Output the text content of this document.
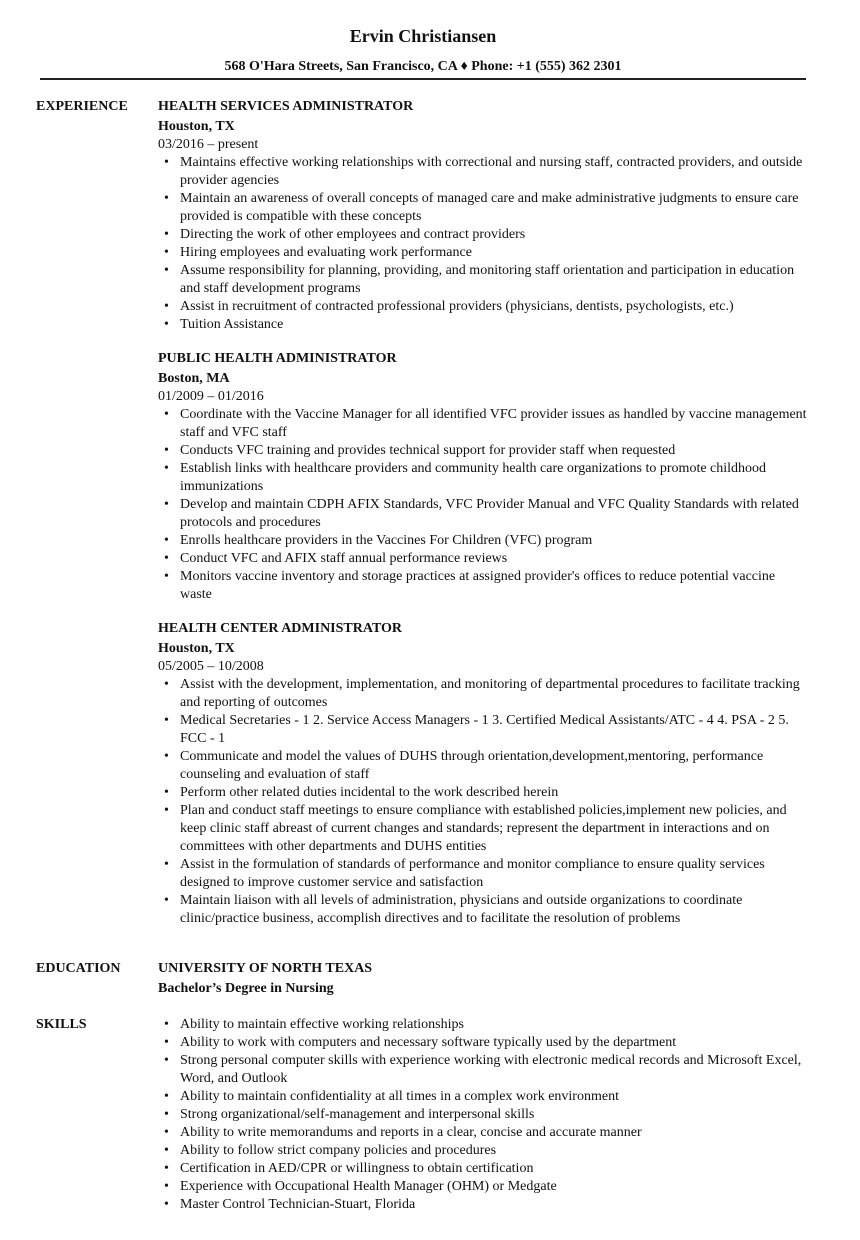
Ervin Christiansen
568 O'Hara Streets, San Francisco, CA ♦ Phone: +1 (555) 362 2301
EXPERIENCE HEALTH SERVICES ADMINISTRATOR
Houston, TX
03/2016 – present
• Maintains effective working relationships with correctional and nursing staff, contracted providers, and outside provider agencies
• Maintain an awareness of overall concepts of managed care and make administrative judgments to ensure care provided is compatible with these concepts
• Directing the work of other employees and contract providers
• Hiring employees and evaluating work performance
• Assume responsibility for planning, providing, and monitoring staff orientation and participation in education and staff development programs
• Assist in recruitment of contracted professional providers (physicians, dentists, psychologists, etc.)
• Tuition Assistance
PUBLIC HEALTH ADMINISTRATOR
Boston, MA
01/2009 – 01/2016
• Coordinate with the Vaccine Manager for all identified VFC provider issues as handled by vaccine management staff and VFC staff
• Conducts VFC training and provides technical support for provider staff when requested
• Establish links with healthcare providers and community health care organizations to promote childhood immunizations
• Develop and maintain CDPH AFIX Standards, VFC Provider Manual and VFC Quality Standards with related protocols and procedures
• Enrolls healthcare providers in the Vaccines For Children (VFC) program
• Conduct VFC and AFIX staff annual performance reviews
• Monitors vaccine inventory and storage practices at assigned provider's offices to reduce potential vaccine waste
HEALTH CENTER ADMINISTRATOR
Houston, TX
05/2005 – 10/2008
• Assist with the development, implementation, and monitoring of departmental procedures to facilitate tracking and reporting of outcomes
• Medical Secretaries - 1 2. Service Access Managers - 1 3. Certified Medical Assistants/ATC - 4 4. PSA - 2 5. FCC - 1
• Communicate and model the values of DUHS through orientation,development,mentoring, performance counseling and evaluation of staff
• Perform other related duties incidental to the work described herein
• Plan and conduct staff meetings to ensure compliance with established policies,implement new policies, and keep clinic staff abreast of current changes and standards; represent the department in interactions and on committees with other departments and DUHS entities
• Assist in the formulation of standards of performance and monitor compliance to ensure quality services designed to improve customer service and satisfaction
• Maintain liaison with all levels of administration, physicians and outside organizations to coordinate clinic/practice business, accomplish directives and to facilitate the resolution of problems
EDUCATION	UNIVERSITY OF NORTH TEXAS
Bachelor’s Degree in Nursing
SKILLS
•	Ability to maintain effective working relationships
• Ability to work with computers and necessary software typically used by the department
• Strong personal computer skills with experience working with electronic medical records and Microsoft Excel, Word, and Outlook
• Ability to maintain confidentiality at all times in a complex work environment
• Strong organizational/self-management and interpersonal skills
• Ability to write memorandums and reports in a clear, concise and accurate manner
• Ability to follow strict company policies and procedures
• Certification in AED/CPR or willingness to obtain certification
• Experience with Occupational Health Manager (OHM) or Medgate
• Master Control Technician-Stuart, Florida
